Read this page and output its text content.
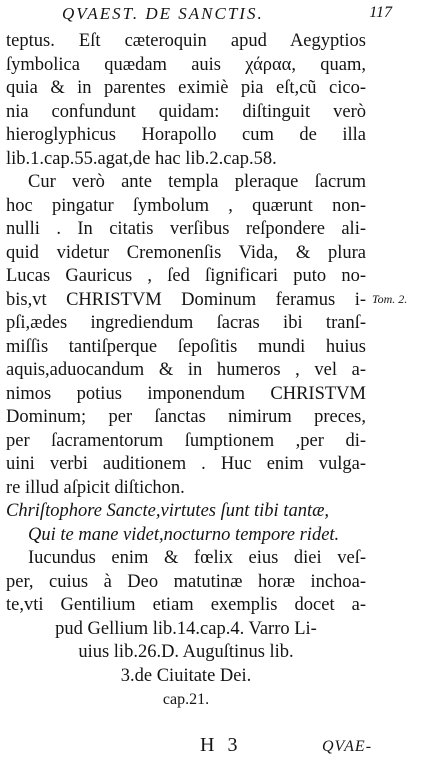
QVAEST. DE SANCTIS.	117
teptus. Eſt cæteroquin apud Aegyptios
ſymbolica quædam auis χάραα, quam,
quia & in parentes eximiè pia eſt,cũ cico-
nia confundunt quidam: diſtinguit verò
hieroglyphicus Horapollo cum de illa
lib.1.cap.55.agat,de hac lib.2.cap.58.
Cur verò ante templa pleraque ſacrum
hoc pingatur ſymbolum , quærunt non-
nulli . In citatis verſibus reſpondere ali-
quid videtur Cremonenſis Vida, & plura
Lucas Gauricus , ſed ſignificari puto no-
bis,vt CHRISTVM Dominum feramus i-
pſi,ædes ingrediendum ſacras ibi tranſ-
miſſis tantiſperque ſepoſitis mundi huius
aquis,aduocandum & in humeros , vel a-
nimos potius imponendum CHRISTVM
Dominum; per ſanctas nimirum preces,
per ſacramentorum ſumptionem ,per di-
uini verbi auditionem . Huc enim vulga-
re illud aſpicit diſtichon.
Chriſtophore Sancte,virtutes ſunt tibi tantæ,
Qui te mane videt,nocturno tempore ridet.
Iucundus enim & fœlix eius diei veſ-
per, cuius à Deo matutinæ horæ inchoa-
te,vti Gentilium etiam exemplis docet a-
pud Gellium lib.14.cap.4. Varro Li-
uius lib.26.D. Auguſtinus lib.
3.de Ciuitate Dei.
cap.21.
Tom. 2.
H 3	QVAE-
